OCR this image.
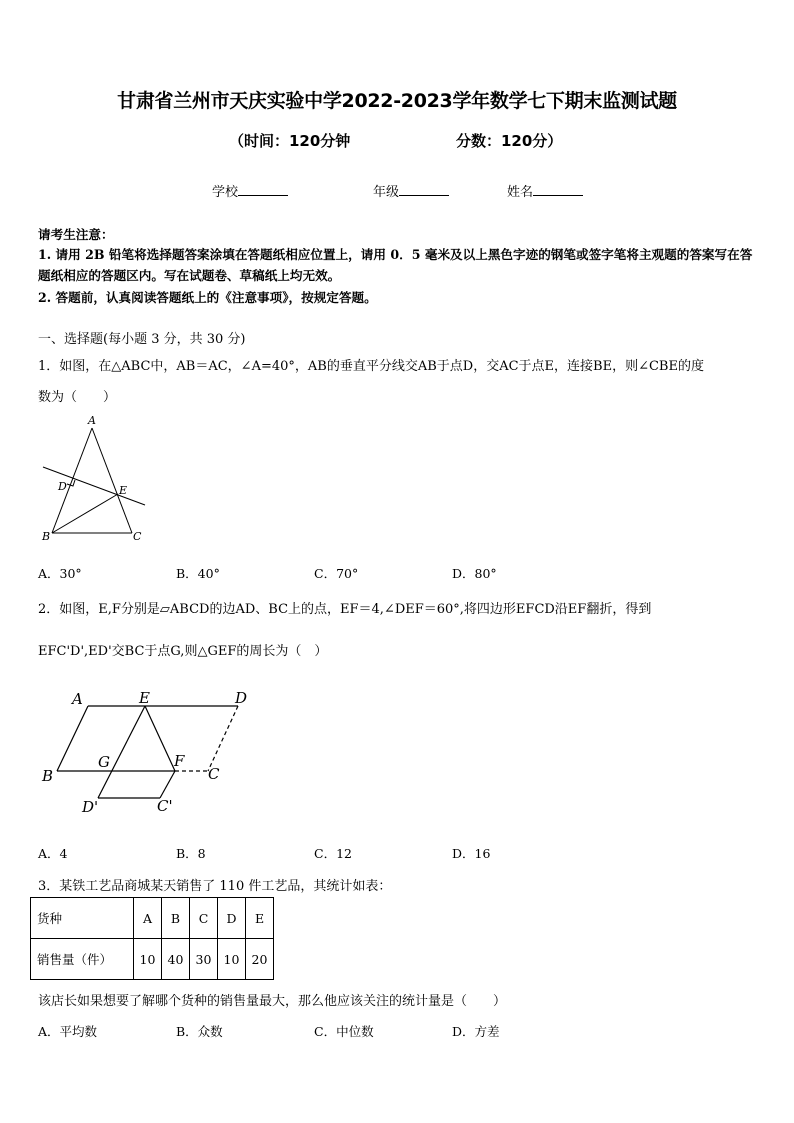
甘肃省兰州市天庆实验中学2022-2023学年数学七下期末监测试题
（时间：120分钟	分数：120分）
学校	年级	姓名
请考生注意：
1. 请用 2B 铅笔将选择题答案涂填在答题纸相应位置上，请用 0．5 毫米及以上黑色字迹的钢笔或签字笔将主观题的答案写在答题纸相应的答题区内。写在试题卷、草稿纸上均无效。
2. 答题前，认真阅读答题纸上的《注意事项》，按规定答题。
一、选择题(每小题 3 分，共 30 分)
1．如图，在△ABC中，AB＝AC，∠A=40°，AB的垂直平分线交AB于点D，交AC于点E，连接BE，则∠CBE的度
数为（　　）
A
D	E
B	C
A．30°	B．40°	C．70°	D．80°
2．如图，E,F分别是▱ABCD的边AD、BC上的点，EF＝4,∠DEF＝60°,将四边形EFCD沿EF翻折，得到
EFC'D',ED'交BC于点G,则△GEF的周长为（　）
A	E	D
B
G	F
C
D'	C'
A．4	B．8	C．12	D．16
3．某铁工艺品商城某天销售了 110 件工艺品，其统计如表：
货种	A	B	C	D	E
销售量（件）	10	40	30	10	20
该店长如果想要了解哪个货种的销售量最大，那么他应该关注的统计量是（　　）
A．平均数	B．众数	C．中位数	D．方差
